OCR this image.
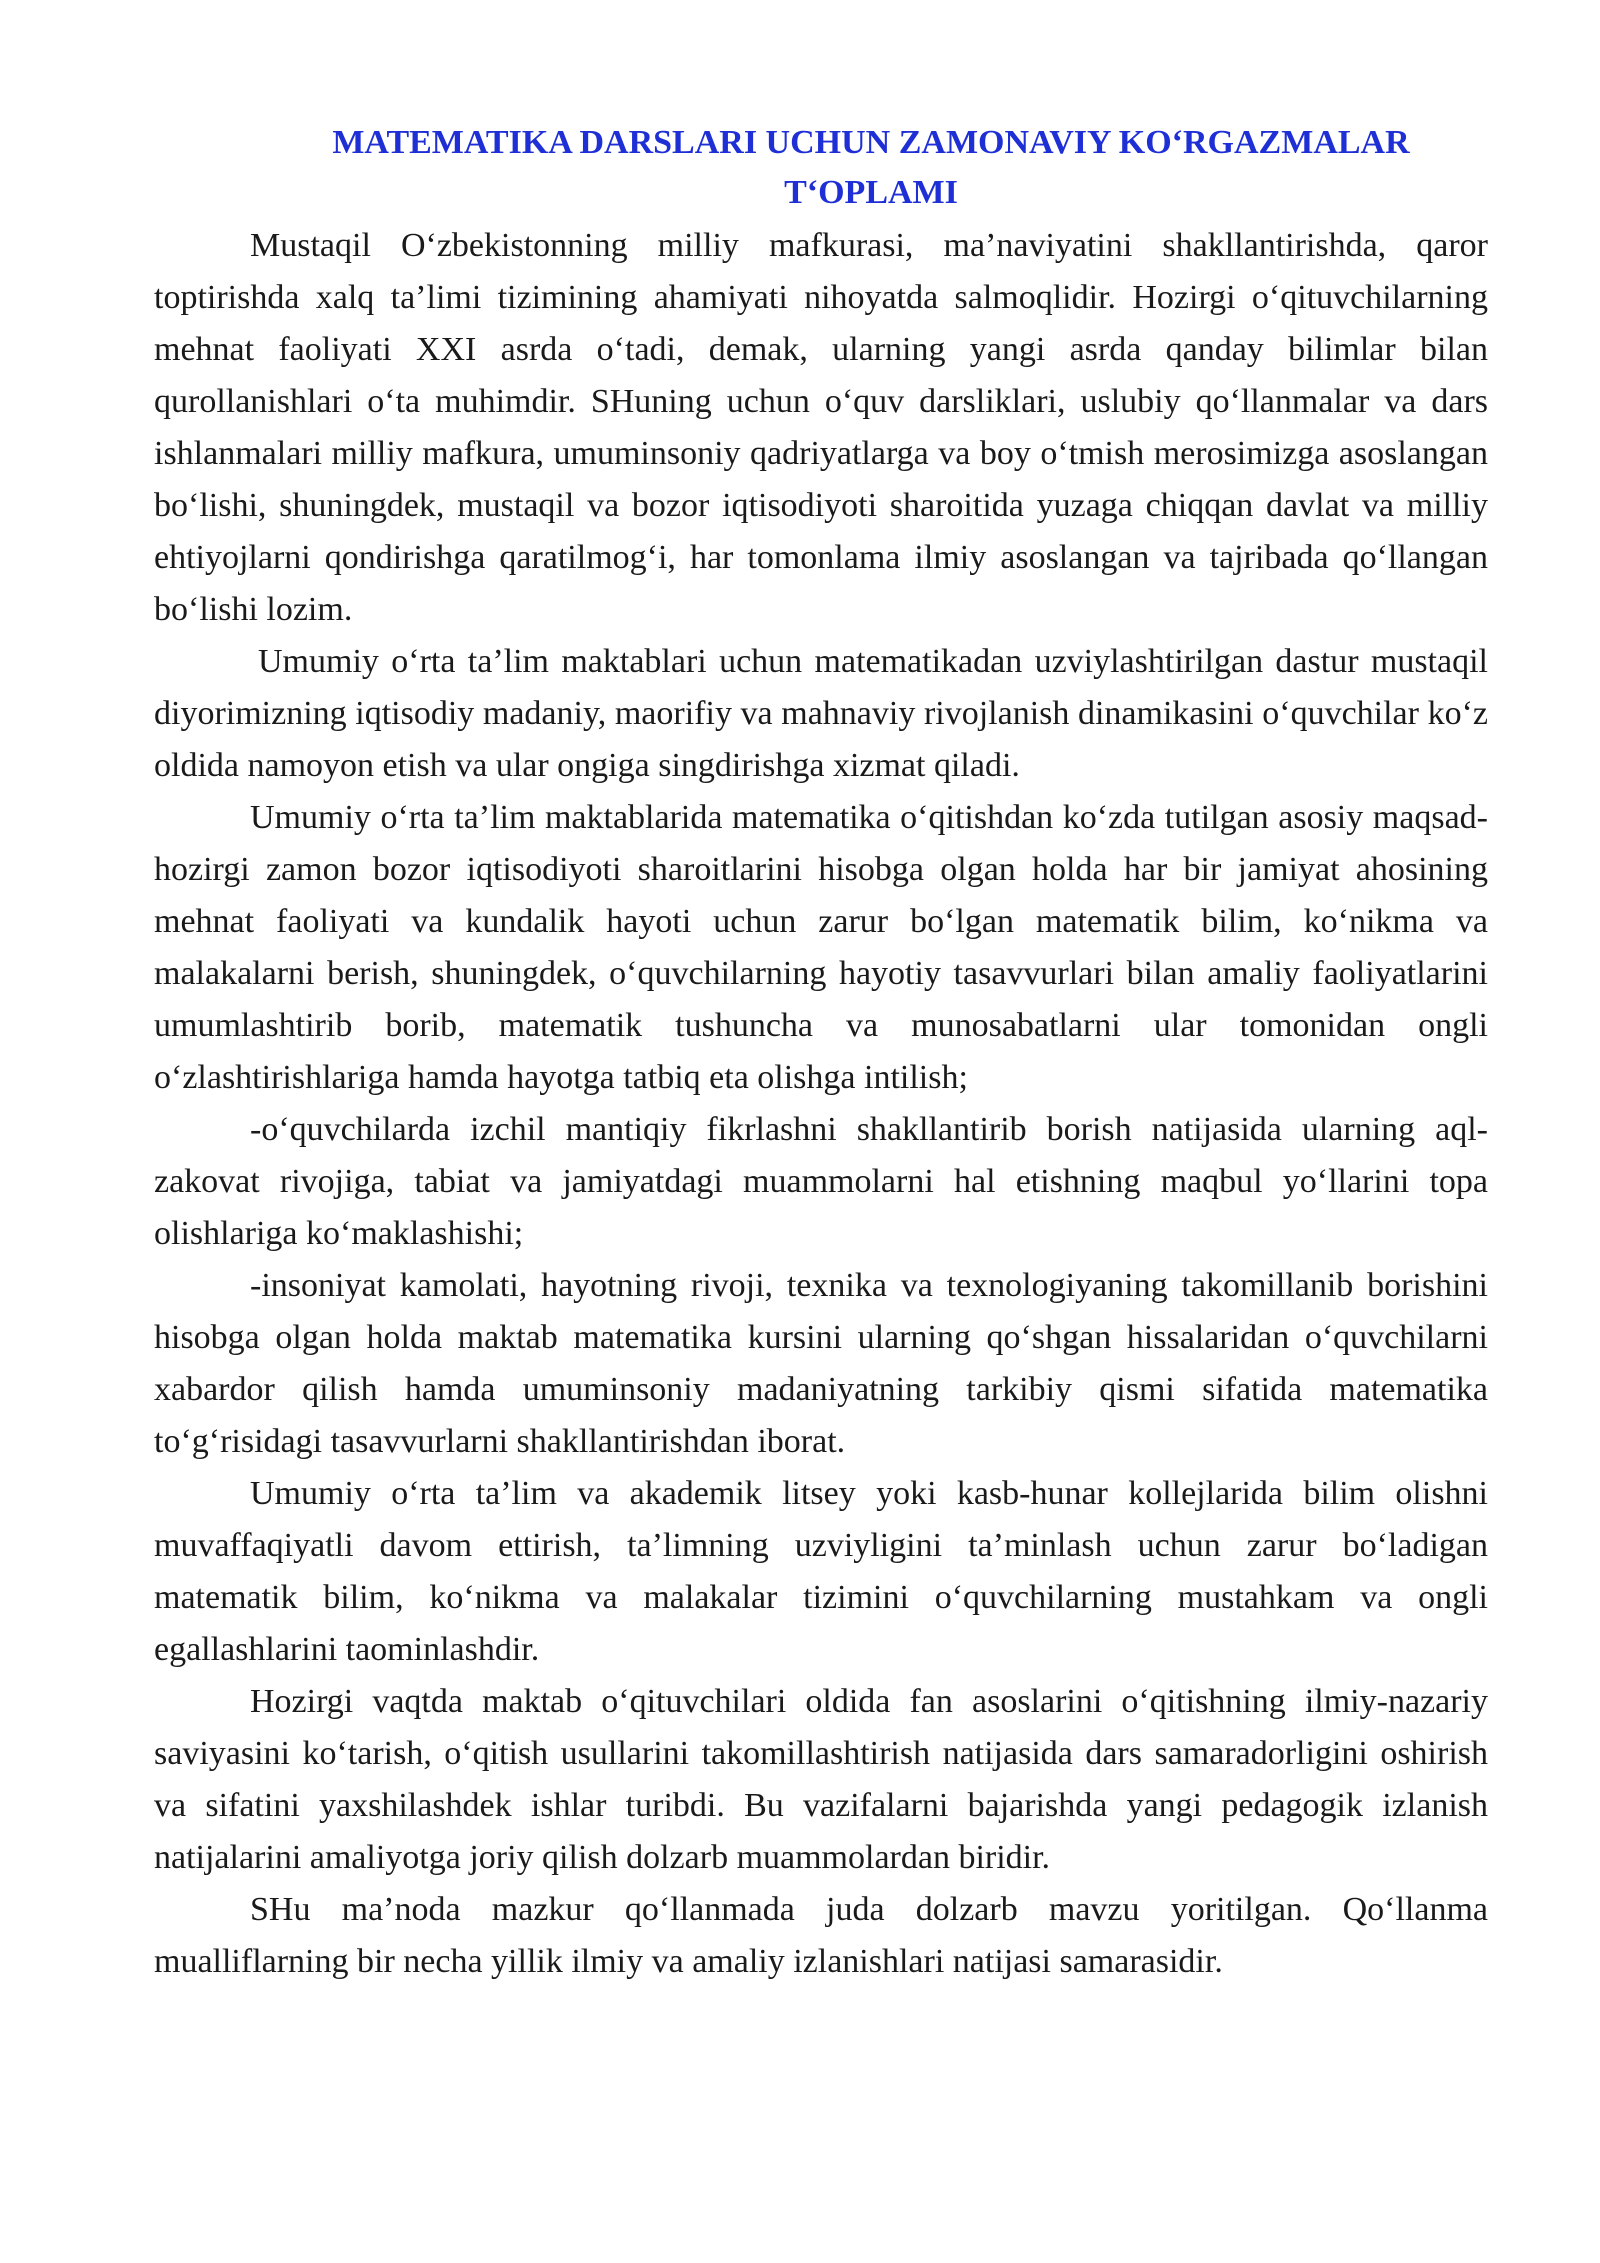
MATEMATIKA DARSLARI UCHUN ZAMONAVIY KO‘RGAZMALAR T‘OPLAMI

Mustaqil O‘zbekistonning milliy mafkurasi, ma’naviyatini shakllantirishda, qaror toptirishda xalq ta’limi tizimining ahamiyati nihoyatda salmoqlidir. Hozirgi o‘qituvchilarning mehnat faoliyati XXI asrda o‘tadi, demak, ularning yangi asrda qanday bilimlar bilan qurollanishlari o‘ta muhimdir. SHuning uchun o‘quv darsliklari, uslubiy qo‘llanmalar va dars ishlanmalari milliy mafkura, umuminsoniy qadriyatlarga va boy o‘tmish merosimizga asoslangan bo‘lishi, shuningdek, mustaqil va bozor iqtisodiyoti sharoitida yuzaga chiqqan davlat va milliy ehtiyojlarni qondirishga qaratilmog‘i, har tomonlama ilmiy asoslangan va tajribada qo‘llangan bo‘lishi lozim.

Umumiy o‘rta ta’lim maktablari uchun matematikadan uzviylashtirilgan dastur mustaqil diyorimizning iqtisodiy madaniy, maorifiy va mahnaviy rivojlanish dinamikasini o‘quvchilar ko‘z oldida namoyon etish va ular ongiga singdirishga xizmat qiladi.

Umumiy o‘rta ta’lim maktablarida matematika o‘qitishdan ko‘zda tutilgan asosiy maqsad-hozirgi zamon bozor iqtisodiyoti sharoitlarini hisobga olgan holda har bir jamiyat ahosining mehnat faoliyati va kundalik hayoti uchun zarur bo‘lgan matematik bilim, ko‘nikma va malakalarni berish, shuningdek, o‘quvchilarning hayotiy tasavvurlari bilan amaliy faoliyatlarini umumlashtirib borib, matematik tushuncha va munosabatlarni ular tomonidan ongli o‘zlashtirishlariga hamda hayotga tatbiq eta olishga intilish;

-o‘quvchilarda izchil mantiqiy fikrlashni shakllantirib borish natijasida ularning aql-zakovat rivojiga, tabiat va jamiyatdagi muammolarni hal etishning maqbul yo‘llarini topa olishlariga ko‘maklashishi;

-insoniyat kamolati, hayotning rivoji, texnika va texnologiyaning takomillanib borishini hisobga olgan holda maktab matematika kursini ularning qo‘shgan hissalaridan o‘quvchilarni xabardor qilish hamda umuminsoniy madaniyatning tarkibiy qismi sifatida matematika to‘g‘risidagi tasavvurlarni shakllantirishdan iborat.

Umumiy o‘rta ta’lim va akademik litsey yoki kasb-hunar kollejlarida bilim olishni muvaffaqiyatli davom ettirish, ta’limning uzviyligini ta’minlash uchun zarur bo‘ladigan matematik bilim, ko‘nikma va malakalar tizimini o‘quvchilarning mustahkam va ongli egallashlarini taominlashdir.

Hozirgi vaqtda maktab o‘qituvchilari oldida fan asoslarini o‘qitishning ilmiy-nazariy saviyasini ko‘tarish, o‘qitish usullarini takomillashtirish natijasida dars samaradorligini oshirish va sifatini yaxshilashdek ishlar turibdi. Bu vazifalarni bajarishda yangi pedagogik izlanish natijalarini amaliyotga joriy qilish dolzarb muammolardan biridir.

SHu ma’noda mazkur qo‘llanmada juda dolzarb mavzu yoritilgan. Qo‘llanma mualliflarning bir necha yillik ilmiy va amaliy izlanishlari natijasi samarasidir.
